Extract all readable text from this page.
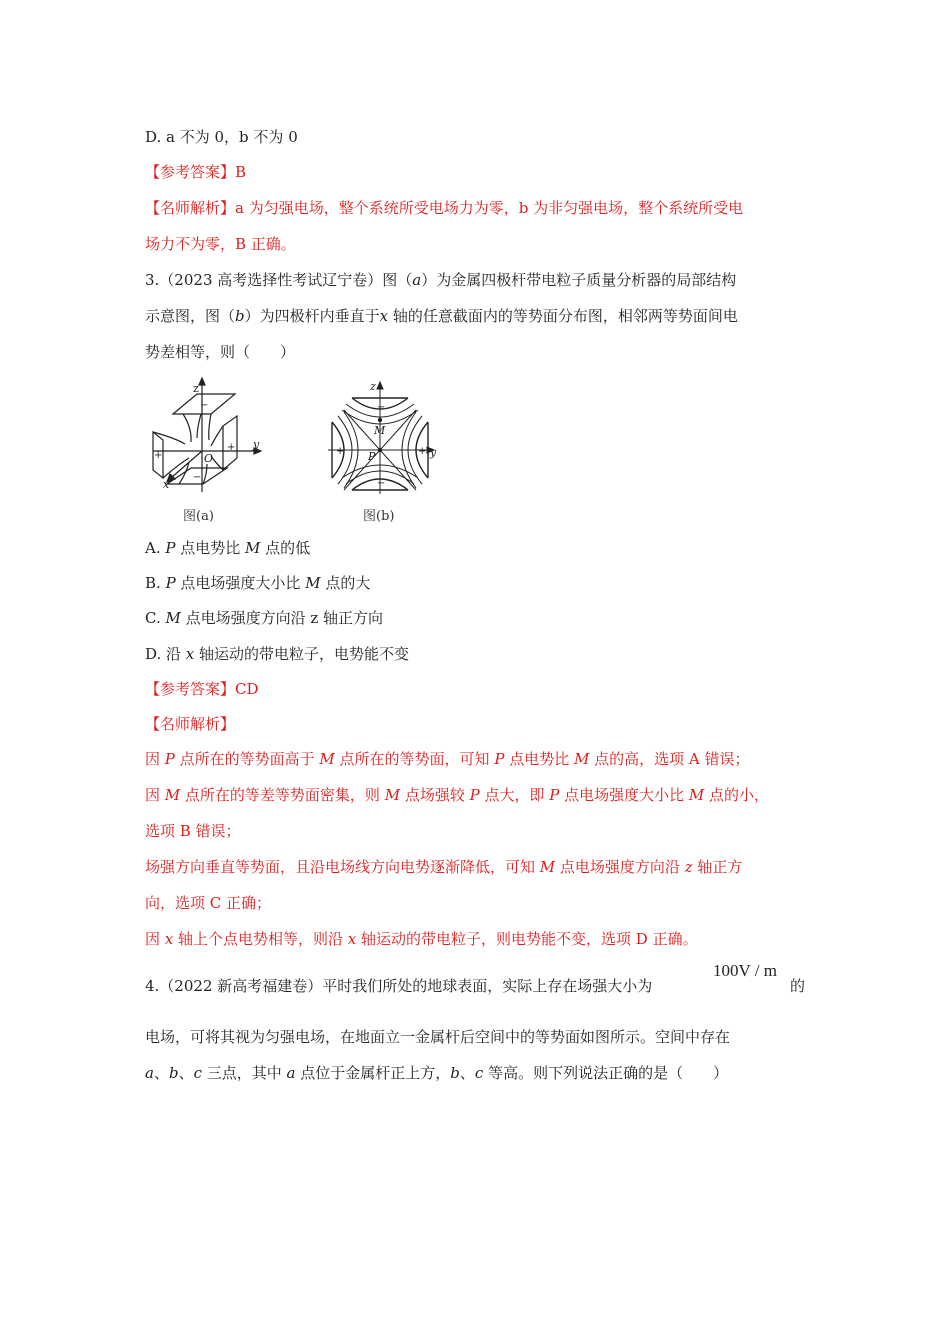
D. a 不为 0，b 不为 0
【参考答案】B
【名师解析】a 为匀强电场，整个系统所受电场力为零，b 为非匀强电场，整个系统所受电
场力不为零，B 正确。
3.（2023 高考选择性考试辽宁卷）图（a）为金属四极杆带电粒子质量分析器的局部结构
示意图，图（b）为四极杆内垂直于x 轴的任意截面内的等势面分布图，相邻两等势面间电
势差相等，则（　　）
z
y
x
O
−
+
+
−
图(a)
z
y
M
P
−
−
+	+
图(b)
A. P 点电势比 M 点的低
B. P 点电场强度大小比 M 点的大
C. M 点电场强度方向沿 z 轴正方向
D. 沿 x 轴运动的带电粒子，电势能不变
【参考答案】CD
【名师解析】
因 P 点所在的等势面高于 M 点所在的等势面，可知 P 点电势比 M 点的高，选项 A 错误；
因 M 点所在的等差等势面密集，则 M 点场强较 P 点大，即 P 点电场强度大小比 M 点的小，
选项 B 错误；
场强方向垂直等势面，且沿电场线方向电势逐渐降低，可知 M 点电场强度方向沿 z 轴正方
向，选项 C 正确；
因 x 轴上个点电势相等，则沿 x 轴运动的带电粒子，则电势能不变，选项 D 正确。
4.（2022 新高考福建卷）平时我们所处的地球表面，实际上存在场强大小为
100V / m
的
电场，可将其视为匀强电场，在地面立一金属杆后空间中的等势面如图所示。空间中存在
a、b、c 三点，其中 a 点位于金属杆正上方，b、c 等高。则下列说法正确的是（　　）
